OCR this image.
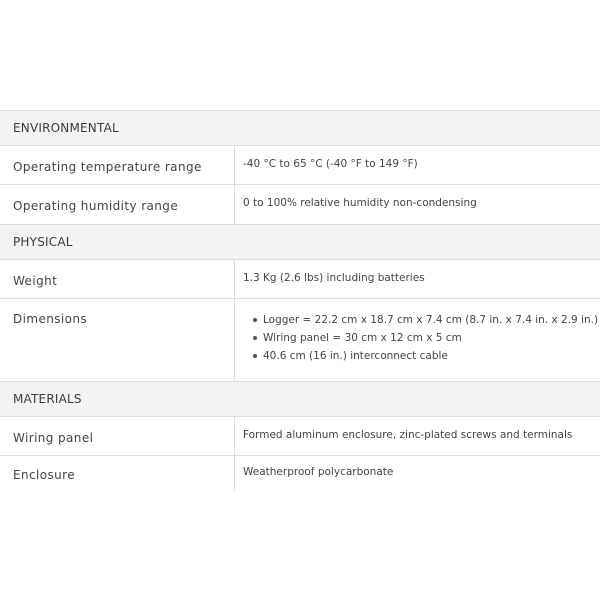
ENVIRONMENTAL
Operating temperature range	-40 °C to 65 °C (-40 °F to 149 °F)
Operating humidity range	0 to 100% relative humidity non-condensing
PHYSICAL
Weight	1.3 Kg (2.6 lbs) including batteries
Dimensions	Logger = 22.2 cm x 18.7 cm x 7.4 cm (8.7 in. x 7.4 in. x 2.9 in.)
Wiring panel = 30 cm x 12 cm x 5 cm
40.6 cm (16 in.) interconnect cable
MATERIALS
Wiring panel	Formed aluminum enclosure, zinc-plated screws and terminals
Enclosure	Weatherproof polycarbonate
